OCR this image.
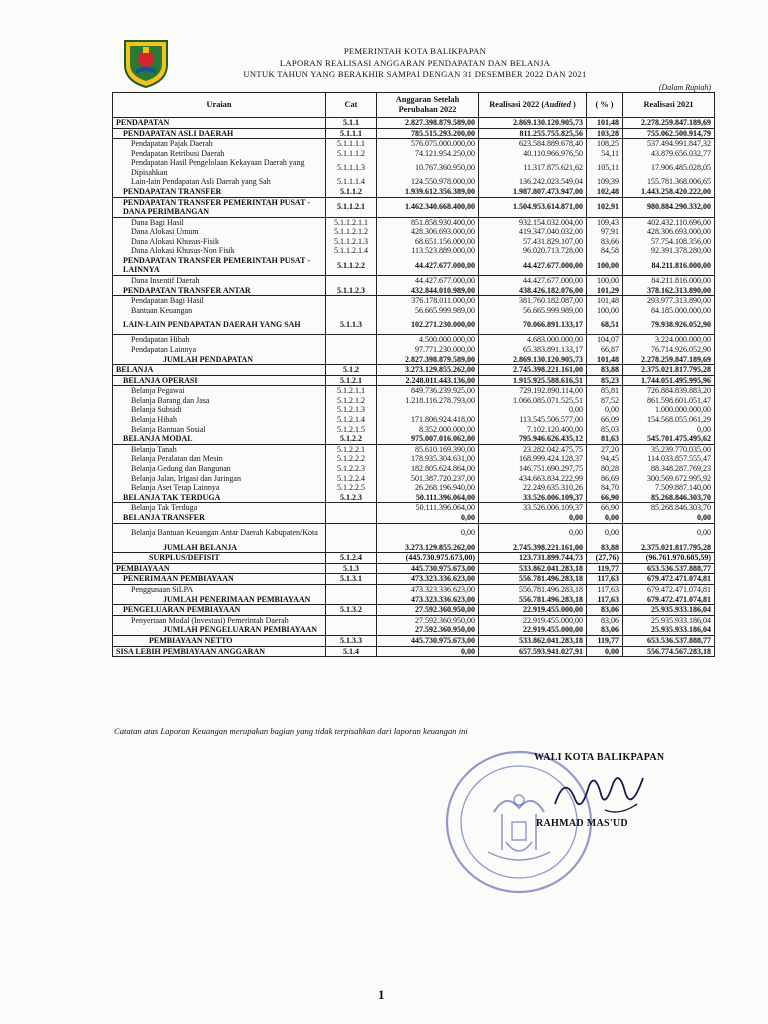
PEMERINTAH KOTA BALIKPAPAN
LAPORAN REALISASI ANGGARAN PENDAPATAN DAN BELANJA
UNTUK TAHUN YANG BERAKHIR SAMPAI DENGAN 31 DESEMBER 2022 DAN 2021
(Dalam Rupiah)
Uraian	Cat	Anggaran Setelah Perubahan 2022	Realisasi 2022 (Audited )	( % )	Realisasi 2021
PENDAPATAN	5.1.1	2.827.398.879.589,00	2.869.130.120.905,73	101,48	2.278.259.847.189,69
PENDAPATAN ASLI DAERAH	5.1.1.1	785.515.293.200,00	811.255.755.825,56	103,28	755.062.500.914,79
Pendapatan Pajak Daerah	5.1.1.1.1	576.075.000.000,00	623.584.889.678,40	108,25	537.494.991.847,32
Pendapatan Retribusi Daerah	5.1.1.1.2	74.121.954.250,00	40.110.966.976,50	54,11	43.879.656.032,77
Pendapatan Hasil Pengelolaan Kekayaan Daerah yang Dipisahkan	5.1.1.1.3	10.767.360.950,00	11.317.875.621,62	105,11	17.906.485.028,05
Lain-lain Pendapatan Asli Daerah yang Sah	5.1.1.1.4	124.550.978.000,00	136.242.023.549,04	109,39	155.781.368.006,65
PENDAPATAN TRANSFER	5.1.1.2	1.939.612.356.389,00	1.987.807.473.947,00	102,48	1.443.258.420.222,00
PENDAPATAN TRANSFER PEMERINTAH PUSAT - DANA PERIMBANGAN	5.1.1.2.1	1.462.340.668.400,00	1.504.953.614.871,00	102,91	980.884.290.332,00
Dana Bagi Hasil	5.1.1.2.1.1	851.858.930.400,00	932.154.032.004,00	109,43	402.432.110.696,00
Dana Alokasi Umum	5.1.1.2.1.2	428.306.693.000,00	419.347.040.032,00	97,91	428.306.693.000,00
Dana Alokasi Khusus-Fisik	5.1.1.2.1.3	68.651.156.000,00	57.431.829.107,00	83,66	57.754.108.356,00
Dana Alokasi Khusus-Non Fisik	5.1.1.2.1.4	113.523.889.000,00	96.020.713.728,00	84,58	92.391.378.280,00
PENDAPATAN TRANSFER PEMERINTAH PUSAT - LAINNYA	5.1.1.2.2	44.427.677.000,00	44.427.677.000,00	100,00	84.211.816.000,00
Dana Insentif Daerah		44.427.677.000,00	44.427.677.000,00	100,00	84.211.816.000,00
PENDAPATAN TRANSFER ANTAR	5.1.1.2.3	432.844.010.989,00	438.426.182.076,00	101,29	378.162.313.890,00
Pendapatan Bagi Hasil		376.178.011.000,00	381.760.182.087,00	101,48	293.977.313.890,00
Bantuan Keuangan		56.665.999.989,00	56.665.999.989,00	100,00	84.185.000.000,00
LAIN-LAIN PENDAPATAN DAERAH YANG SAH	5.1.1.3	102.271.230.000,00	70.066.891.133,17	68,51	79.938.926.052,90
Pendapatan Hibah		4.500.000.000,00	4.683.000.000,00	104,07	3.224.000.000,00
Pendapatan Lainnya		97.771.230.000,00	65.383.891.133,17	66,87	76.714.926.052,90
JUMLAH PENDAPATAN		2.827.398.879.589,00	2.869.130.120.905,73	101,48	2.278.259.847.189,69
BELANJA	5.1.2	3.273.129.855.262,00	2.745.398.221.161,00	83,88	2.375.021.817.795,28
BELANJA OPERASI	5.1.2.1	2.248.011.443.136,00	1.915.925.588.616,51	85,23	1.744.051.495.995,96
Belanja Pegawai	5.1.2.1.1	849.736.239.925,00	729.192.890.114,00	85,81	726.884.839.883,20
Belanja Barang dan Jasa	5.1.2.1.2	1.218.116.278.793,00	1.066.085.071.525,51	87,52	861.598.601.051,47
Belanja Subsidi	5.1.2.1.3		0,00	0,00	1.000.000.000,00
Belanja Hibah	5.1.2.1.4	171.806.924.418,00	113.545.506.577,00	66,09	154.568.055.061,29
Belanja Bantuan Sosial	5.1.2.1.5	8.352.000.000,00	7.102.120.400,00	85,03	0,00
BELANJA MODAL	5.1.2.2	975.007.016.062,00	795.946.626.435,12	81,63	545.701.475.495,62
Belanja Tanah	5.1.2.2.1	85.610.169.390,00	23.282.042.475,75	27,20	35.239.770.035,00
Belanja Peralatan dan Mesin	5.1.2.2.2	178.935.304.631,00	168.999.424.128,37	94,45	114.033.857.555,47
Belanja Gedung dan Bangunan	5.1.2.2.3	182.805.624.864,00	146.751.690.297,75	80,28	88.348.287.769,23
Belanja Jalan, Irigasi dan Jaringan	5.1.2.2.4	501.387.720.237,00	434.663.834.222,99	86,69	300.569.672.995,92
Belanja Aset Tetap Lainnya	5.1.2.2.5	26.268.196.940,00	22.249.635.310,26	84,70	7.509.887.140,00
BELANJA TAK TERDUGA	5.1.2.3	50.111.396.064,00	33.526.006.109,37	66,90	85.268.846.303,70
Belanja Tak Terduga		50.111.396.064,00	33.526.006.109,37	66,90	85.268.846.303,70
BELANJA TRANSFER		0,00	0,00	0,00	0,00
Belanja Bantuan Keuangan Antar Daerah Kabupaten/Kota		0,00	0,00	0,00	0,00
JUMLAH BELANJA		3.273.129.855.262,00	2.745.398.221.161,00	83,88	2.375.021.817.795,28
SURPLUS/DEFISIT	5.1.2.4	(445.730.975.673,00)	123.731.899.744,73	(27,76)	(96.761.970.605,59)
PEMBIAYAAN	5.1.3	445.730.975.673,00	533.862.041.283,18	119,77	653.536.537.888,77
PENERIMAAN PEMBIAYAAN	5.1.3.1	473.323.336.623,00	556.781.496.283,18	117,63	679.472.471.074,81
Penggunaan SiLPA		473.323.336.623,00	556.781.496.283,18	117,63	679.472.471.074,81
JUMLAH PENERIMAAN PEMBIAYAAN		473.323.336.623,00	556.781.496.283,18	117,63	679.472.471.074,81
PENGELUARAN PEMBIAYAAN	5.1.3.2	27.592.360.950,00	22.919.455.000,00	83,06	25.935.933.186,04
Penyertaan Modal (Investasi) Pemerintah Daerah		27.592.360.950,00	22.919.455.000,00	83,06	25.935.933.186,04
JUMLAH PENGELUARAN PEMBIAYAAN		27.592.360.950,00	22.919.455.000,00	83,06	25.935.933.186,04
PEMBIAYAAN NETTO	5.1.3.3	445.730.975.673,00	533.862.041.283,18	119,77	653.536.537.888,77
SISA LEBIH PEMBIAYAAN ANGGARAN	5.1.4	0,00	657.593.941.027,91	0,00	556.774.567.283,18
Catatan atas Laporan Keuangan merupakan bagian yang tidak terpisahkan dari laporan keuangan ini
WALI KOTA BALIKPAPAN
RAHMAD MAS'UD
1
